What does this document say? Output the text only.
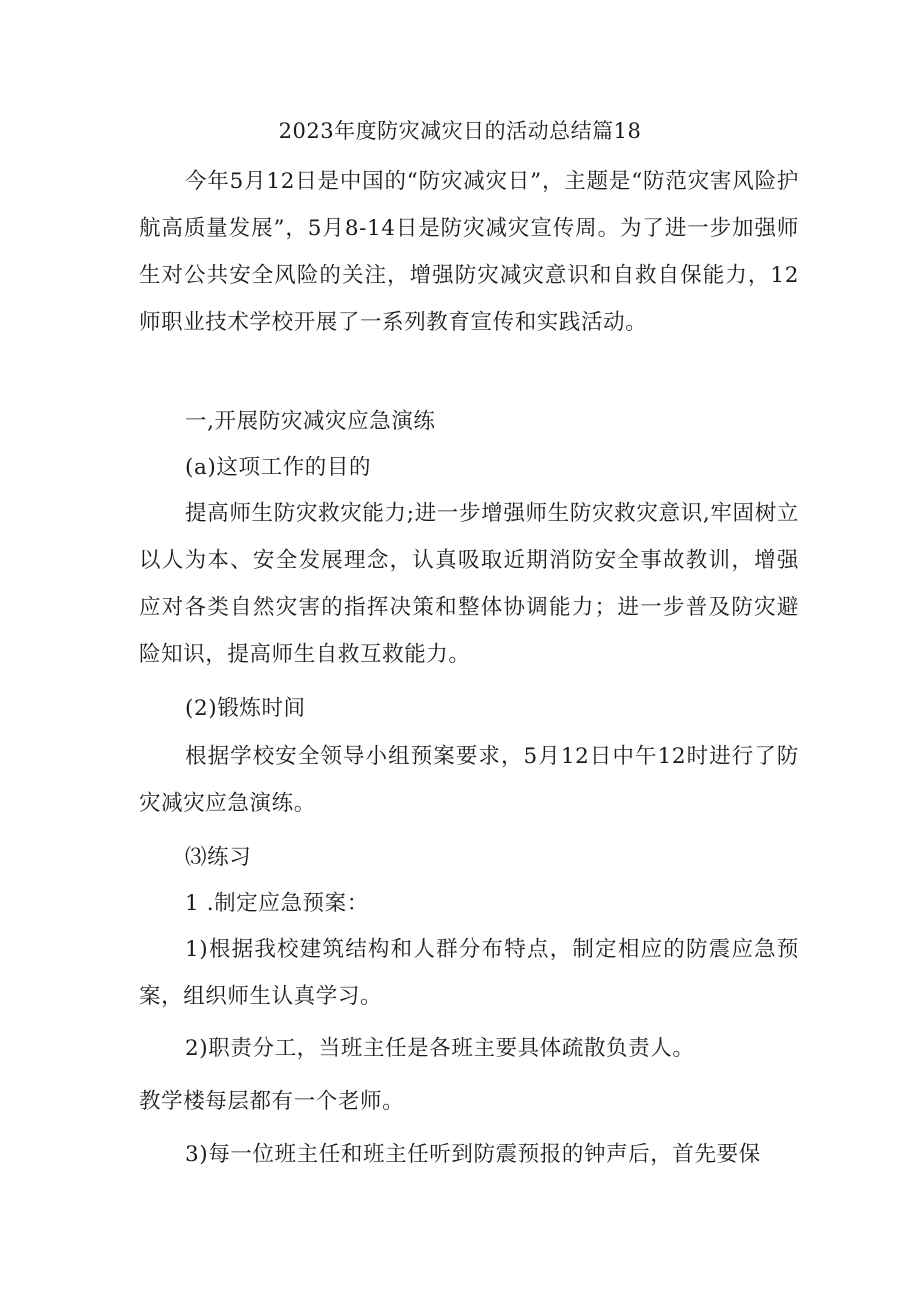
2023年度防灾减灾日的活动总结篇18

今年5月12日是中国的“防灾减灾日”，主题是“防范灾害风险护航高质量发展”，5月8-14日是防灾减灾宣传周。为了进一步加强师生对公共安全风险的关注，增强防灾减灾意识和自救自保能力，12师职业技术学校开展了一系列教育宣传和实践活动。

一,开展防灾减灾应急演练
(a)这项工作的目的

提高师生防灾救灾能力;进一步增强师生防灾救灾意识,牢固树立以人为本、安全发展理念，认真吸取近期消防安全事故教训，增强应对各类自然灾害的指挥决策和整体协调能力；进一步普及防灾避险知识，提高师生自救互救能力。

(2)锻炼时间

根据学校安全领导小组预案要求，5月12日中午12时进行了防灾减灾应急演练。

⑶练习
1 .制定应急预案：

1)根据我校建筑结构和人群分布特点，制定相应的防震应急预案，组织师生认真学习。

2)职责分工，当班主任是各班主要具体疏散负责人。
教学楼每层都有一个老师。
3)每一位班主任和班主任听到防震预报的钟声后，首先要保
